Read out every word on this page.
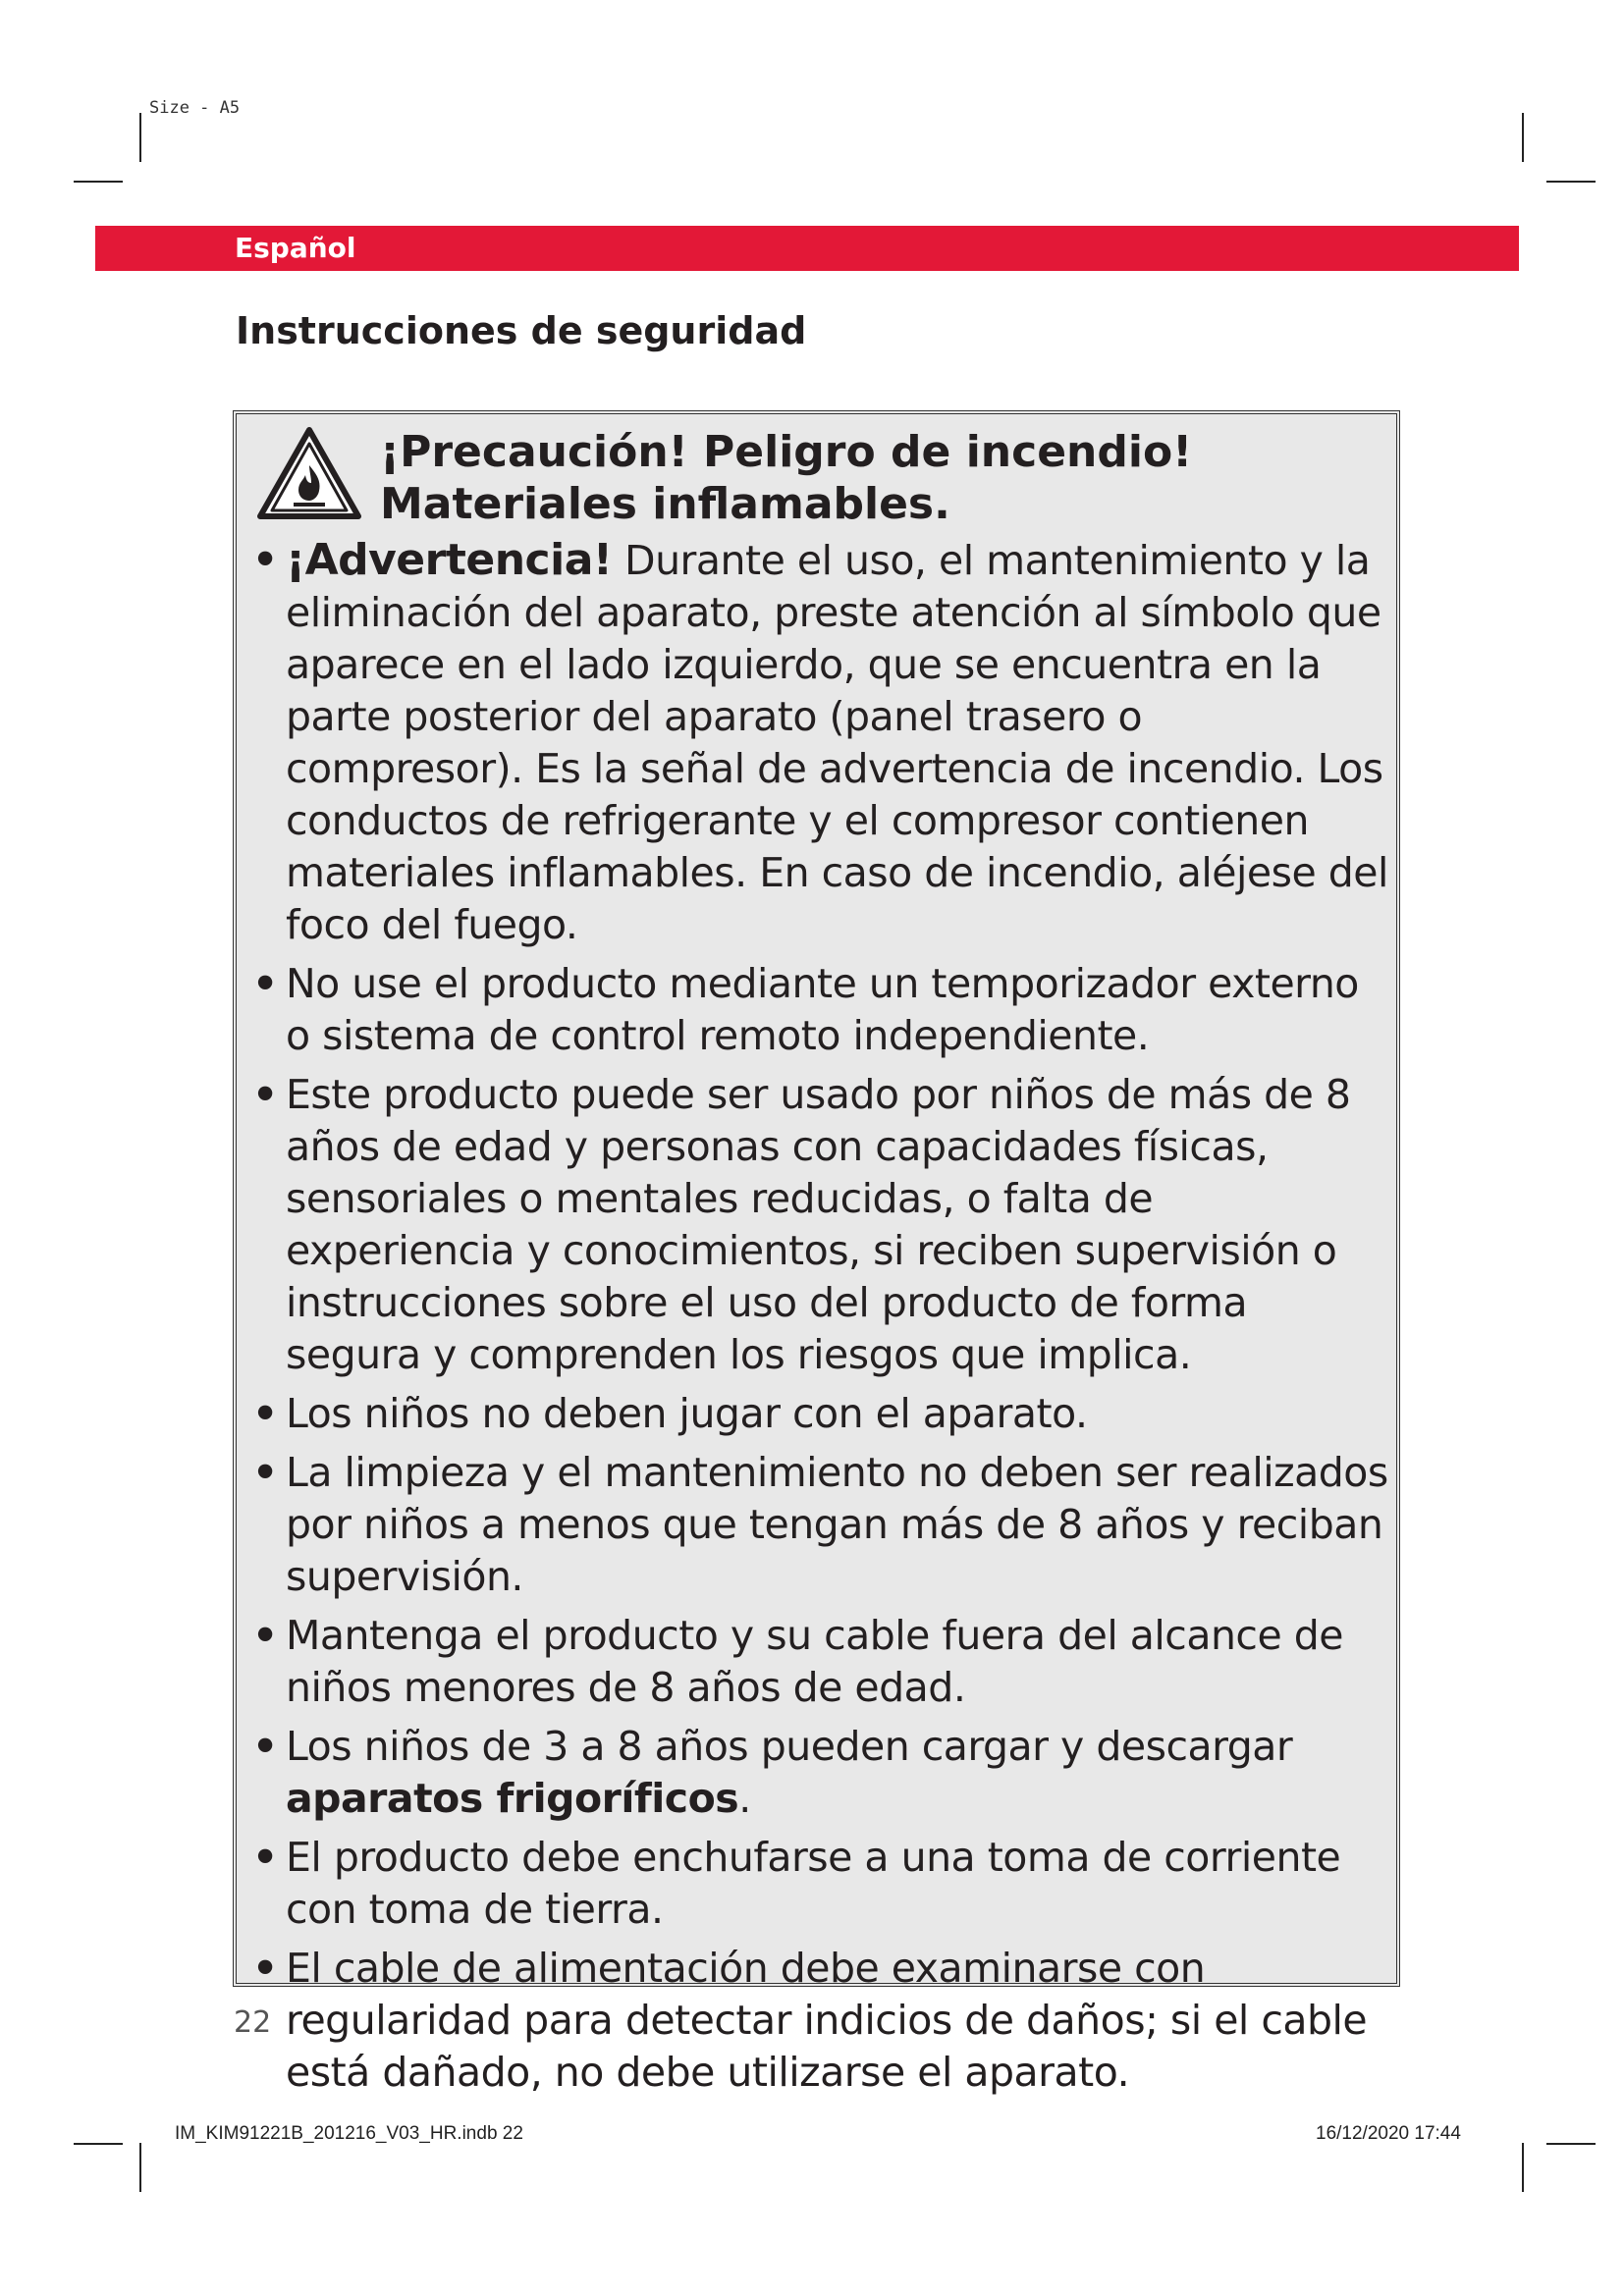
Size - A5
Español
Instrucciones de seguridad
¡Precaución! Peligro de incendio! Materiales inflamables.
• ¡Advertencia! Durante el uso, el mantenimiento y la eliminación del aparato, preste atención al símbolo que aparece en el lado izquierdo, que se encuentra en la parte posterior del aparato (panel trasero o compresor). Es la señal de advertencia de incendio. Los conductos de refrigerante y el compresor contienen materiales inflamables. En caso de incendio, aléjese del foco del fuego.
• No use el producto mediante un temporizador externo o sistema de control remoto independiente.
• Este producto puede ser usado por niños de más de 8 años de edad y personas con capacidades físicas, sensoriales o mentales reducidas, o falta de experiencia y conocimientos, si reciben supervisión o instrucciones sobre el uso del producto de forma segura y comprenden los riesgos que implica.
• Los niños no deben jugar con el aparato.
• La limpieza y el mantenimiento no deben ser realizados por niños a menos que tengan más de 8 años y reciban supervisión.
• Mantenga el producto y su cable fuera del alcance de niños menores de 8 años de edad.
• Los niños de 3 a 8 años pueden cargar y descargar aparatos frigoríficos.
• El producto debe enchufarse a una toma de corriente con toma de tierra.
• El cable de alimentación debe examinarse con regularidad para detectar indicios de daños; si el cable está dañado, no debe utilizarse el aparato.
22
IM_KIM91221B_201216_V03_HR.indb 22	16/12/2020 17:44
